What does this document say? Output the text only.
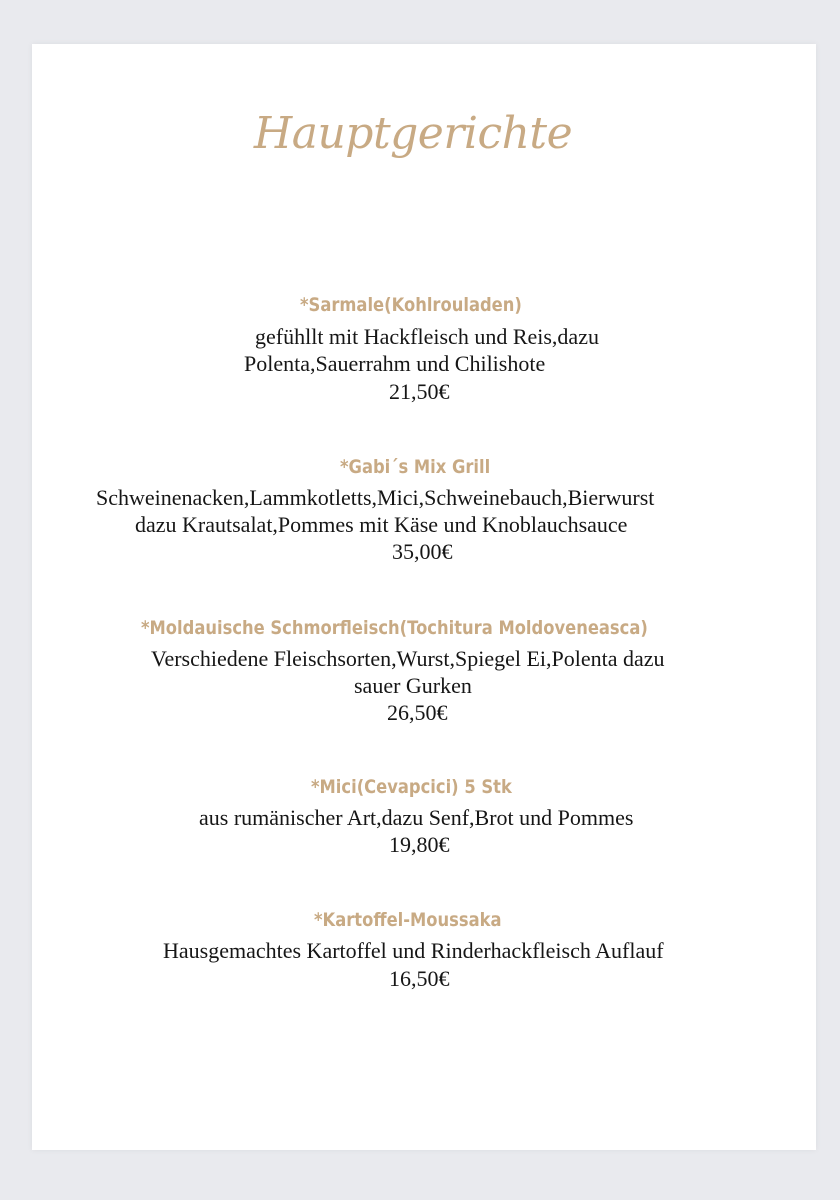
Hauptgerichte
*Sarmale(Kohlrouladen)
gefühllt mit Hackfleisch und Reis,dazu
Polenta,Sauerrahm und Chilishote
21,50€
*Gabi´s Mix Grill
Schweinenacken,Lammkotletts,Mici,Schweinebauch,Bierwurst
dazu Krautsalat,Pommes mit Käse und Knoblauchsauce
35,00€
*Moldauische Schmorfleisch(Tochitura Moldoveneasca)
Verschiedene Fleischsorten,Wurst,Spiegel Ei,Polenta dazu
sauer Gurken
26,50€
*Mici(Cevapcici) 5 Stk
aus rumänischer Art,dazu Senf,Brot und Pommes
19,80€
*Kartoffel-Moussaka
Hausgemachtes Kartoffel und Rinderhackfleisch Auflauf
16,50€
